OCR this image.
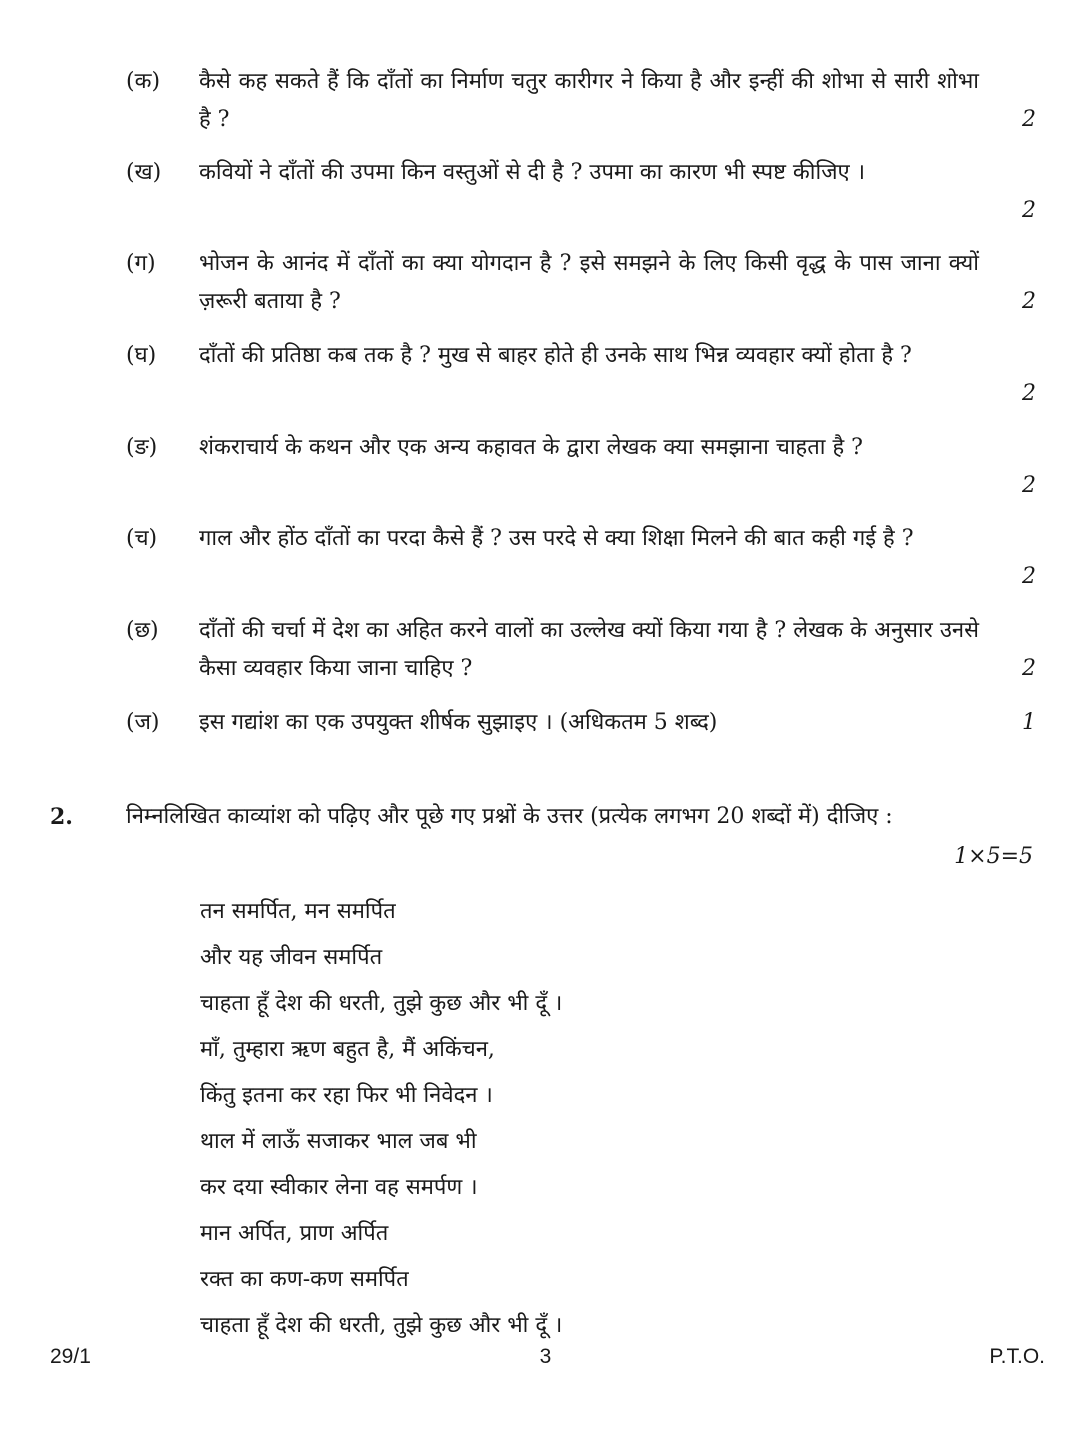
(क) कैसे कह सकते हैं कि दाँतों का निर्माण चतुर कारीगर ने किया है और इन्हीं की शोभा से सारी शोभा है ?	2
(ख) कवियों ने दाँतों की उपमा किन वस्तुओं से दी है ? उपमा का कारण भी स्पष्ट कीजिए ।
2
(ग) भोजन के आनंद में दाँतों का क्या योगदान है ? इसे समझने के लिए किसी वृद्ध के पास जाना क्यों ज़रूरी बताया है ?	2
(घ) दाँतों की प्रतिष्ठा कब तक है ? मुख से बाहर होते ही उनके साथ भिन्न व्यवहार क्यों होता है ?
2
(ङ) शंकराचार्य के कथन और एक अन्य कहावत के द्वारा लेखक क्या समझाना चाहता है ?
2
(च) गाल और होंठ दाँतों का परदा कैसे हैं ? उस परदे से क्या शिक्षा मिलने की बात कही गई है ?
2
(छ) दाँतों की चर्चा में देश का अहित करने वालों का उल्लेख क्यों किया गया है ? लेखक के अनुसार उनसे कैसा व्यवहार किया जाना चाहिए ?	2
(ज) इस गद्यांश का एक उपयुक्त शीर्षक सुझाइए । (अधिकतम 5 शब्द)	1
2. निम्नलिखित काव्यांश को पढ़िए और पूछे गए प्रश्नों के उत्तर (प्रत्येक लगभग 20 शब्दों में) दीजिए :
1×5=5
तन समर्पित, मन समर्पित
और यह जीवन समर्पित
चाहता हूँ देश की धरती, तुझे कुछ और भी दूँ ।
माँ, तुम्हारा ऋण बहुत है, मैं अकिंचन,
किंतु इतना कर रहा फिर भी निवेदन ।
थाल में लाऊँ सजाकर भाल जब भी
कर दया स्वीकार लेना वह समर्पण ।
मान अर्पित, प्राण अर्पित
रक्त का कण-कण समर्पित
चाहता हूँ देश की धरती, तुझे कुछ और भी दूँ ।
29/1	3	P.T.O.
